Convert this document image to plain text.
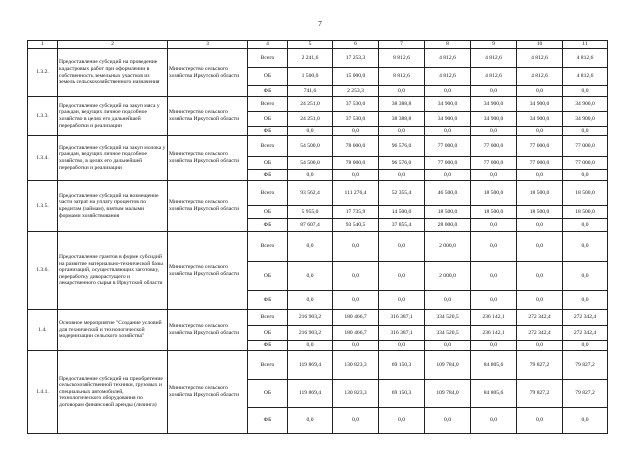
7
1	2	3	4	5	6	7	8	9	10	11
1.3.2.	Предоставление субсидий на проведение кадастровых работ при оформлении в собственность земельных участков из земель сельскохозяйственного назначения	Министерство сельского хозяйства Иркутской области	Всего	2 241,6	17 253,3	8 812,6	4 812,6	4 812,6	4 812,6	4 812,6
			ОБ	1 500,0	15 000,0	8 812,6	4 812,6	4 812,6	4 812,6	4 812,6
			ФБ	741,6	2 253,3	0,0	0,0	0,0	0,0	0,0
1.3.3.	Предоставление субсидий на закуп мяса у граждан, ведущих личное подсобное хозяйство в целях его дальнейшей переработки и реализации	Министерство сельского хозяйства Иркутской области	Всего	24 251,0	37 530,0	38 388,8	34 900,0	34 900,0	34 900,0	34 900,0
			ОБ	24 251,0	37 530,0	38 388,8	34 900,0	34 900,0	34 900,0	34 900,0
			ФБ	0,0	0,0	0,0	0,0	0,0	0,0	0,0
1.3.4.	Предоставление субсидий на закуп молока у граждан, ведущих личное подсобное хозяйство, в целях его дальнейшей переработки и реализации	Министерство сельского хозяйства Иркутской области	Всего	54 500,0	78 000,0	96 576,0	77 000,0	77 000,0	77 000,0	77 000,0
			ОБ	54 500,0	78 000,0	96 576,0	77 000,0	77 000,0	77 000,0	77 000,0
			ФБ	0,0	0,0	0,0	0,0	0,0	0,0	0,0
1.3.5.	Предоставление субсидий на возмещение части затрат на уплату процентов по кредитам (займам), взятым малыми формами хозяйствования	Министерство сельского хозяйства Иркутской области	Всего	93 562,4	111 276,4	52 355,4	46 500,0	18 500,0	18 500,0	18 500,0
			ОБ	5 955,0	17 735,9	14 500,0	18 500,0	18 500,0	18 500,0	18 500,0
			ФБ	87 607,4	93 540,5	37 855,4	28 000,0	0,0	0,0	0,0
1.3.6.	Предоставление грантов в форме субсидий на развитие материально-технической базы организаций, осуществляющих заготовку, переработку дикорастущего и лекарственного сырья в Иркутской области	Министерство сельского хозяйства Иркутской области	Всего	0,0	0,0	0,0	2 000,0	0,0	0,0	0,0
			ОБ	0,0	0,0	0,0	2 000,0	0,0	0,0	0,0
			ФБ	0,0	0,0	0,0	0,0	0,0	0,0	0,0
1.4.	Основное мероприятие "Создание условий для технической и технологической модернизации сельского хозяйства"	Министерство сельского хозяйства Иркутской области	Всего	216 903,2	180 466,7	316 387,1	334 520,5	236 142,1	272 342,4	272 342,4
			ОБ	216 903,2	180 466,7	316 387,1	334 520,5	236 142,1	272 342,4	272 342,4
			ФБ	0,0	0,0	0,0	0,0	0,0	0,0	0,0
1.4.1.	Предоставление субсидий на приобретение сельскохозяйственной техники, грузовых и специальных автомобилей, технологического оборудования по договорам финансовой аренды (лизинга)	Министерство сельского хозяйства Иркутской области	Всего	119 869,4	130 823,3	69 150,3	109 784,0	84 805,6	79 827,2	79 827,2
			ОБ	119 869,4	130 823,3	69 150,3	109 784,0	84 805,6	79 827,2	79 827,2
			ФБ	0,0	0,0	0,0	0,0	0,0	0,0	0,0
